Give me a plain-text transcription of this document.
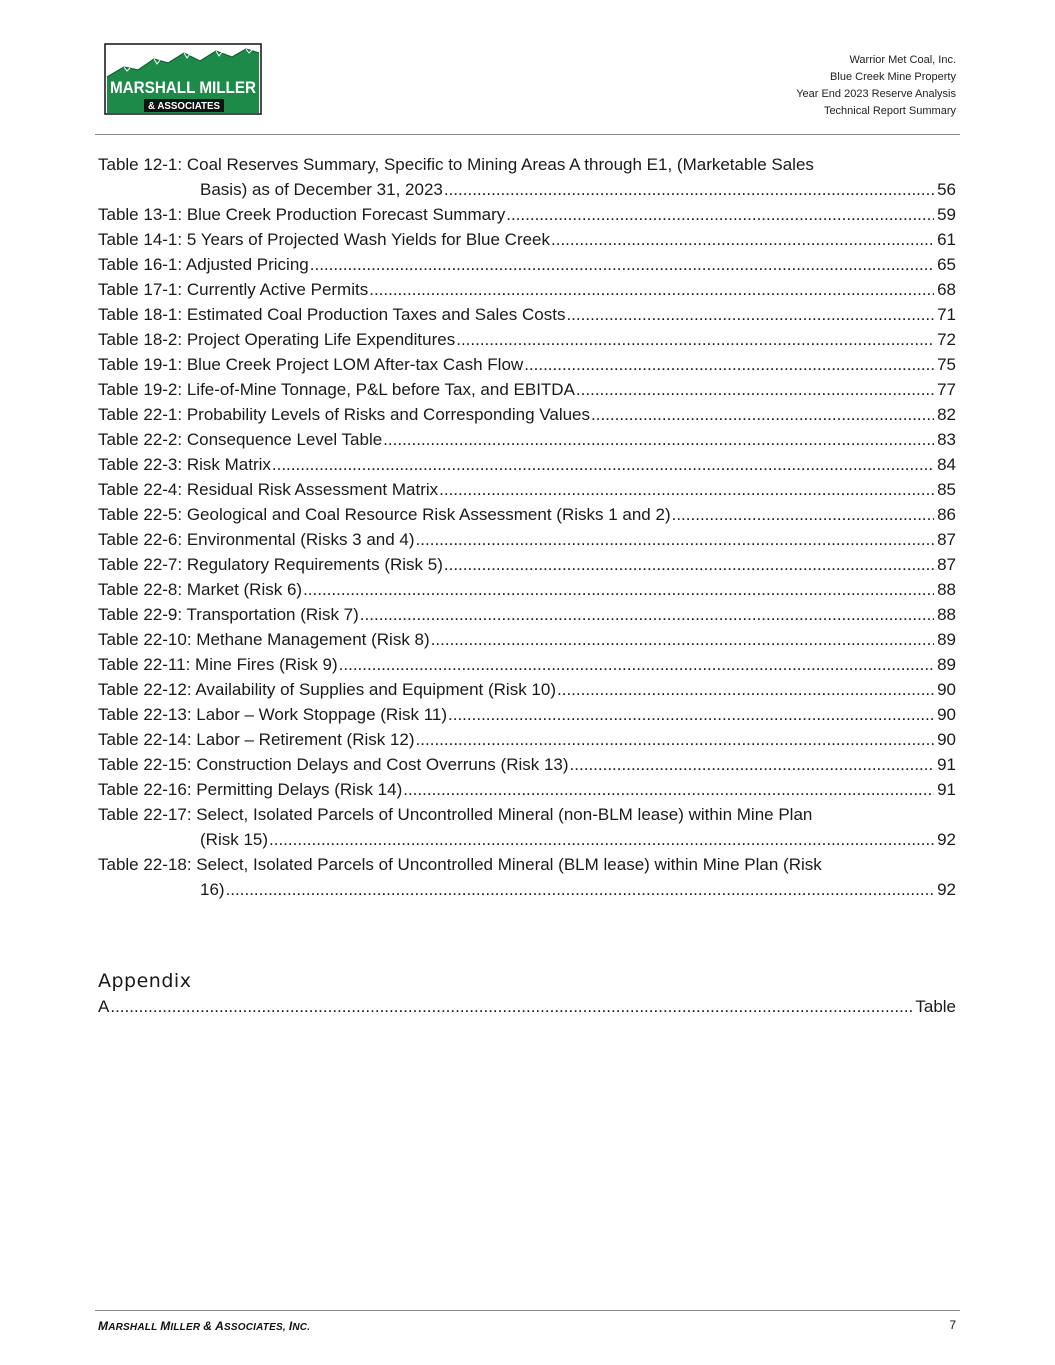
MARSHALL MILLER
& ASSOCIATES
Warrior Met Coal, Inc.
Blue Creek Mine Property
Year End 2023 Reserve Analysis
Technical Report Summary
Table 12-1: Coal Reserves Summary, Specific to Mining Areas A through E1, (Marketable Sales
Basis) as of December 31, 2023 .....	56
Table 13-1: Blue Creek Production Forecast Summary .....	59
Table 14-1: 5 Years of Projected Wash Yields for Blue Creek .....	61
Table 16-1: Adjusted Pricing .....	65
Table 17-1: Currently Active Permits .....	68
Table 18-1: Estimated Coal Production Taxes and Sales Costs .....	71
Table 18-2: Project Operating Life Expenditures .....	72
Table 19-1: Blue Creek Project LOM After-tax Cash Flow .....	75
Table 19-2: Life-of-Mine Tonnage, P&L before Tax, and EBITDA .....	77
Table 22-1: Probability Levels of Risks and Corresponding Values .....	82
Table 22-2: Consequence Level Table .....	83
Table 22-3: Risk Matrix .....	84
Table 22-4: Residual Risk Assessment Matrix .....	85
Table 22-5: Geological and Coal Resource Risk Assessment (Risks 1 and 2) .....	86
Table 22-6: Environmental (Risks 3 and 4) .....	87
Table 22-7: Regulatory Requirements (Risk 5) .....	87
Table 22-8: Market (Risk 6) .....	88
Table 22-9: Transportation (Risk 7) .....	88
Table 22-10: Methane Management (Risk 8) .....	89
Table 22-11: Mine Fires (Risk 9) .....	89
Table 22-12: Availability of Supplies and Equipment (Risk 10) .....	90
Table 22-13: Labor – Work Stoppage (Risk 11) .....	90
Table 22-14: Labor – Retirement (Risk 12) .....	90
Table 22-15: Construction Delays and Cost Overruns (Risk 13) .....	91
Table 22-16: Permitting Delays (Risk 14) .....	91
Table 22-17: Select, Isolated Parcels of Uncontrolled Mineral (non-BLM lease) within Mine Plan
(Risk 15) .....	92
Table 22-18: Select, Isolated Parcels of Uncontrolled Mineral (BLM lease) within Mine Plan (Risk
16) .....	92
Appendix
A .....	Table
MARSHALL MILLER & ASSOCIATES, INC.	7
